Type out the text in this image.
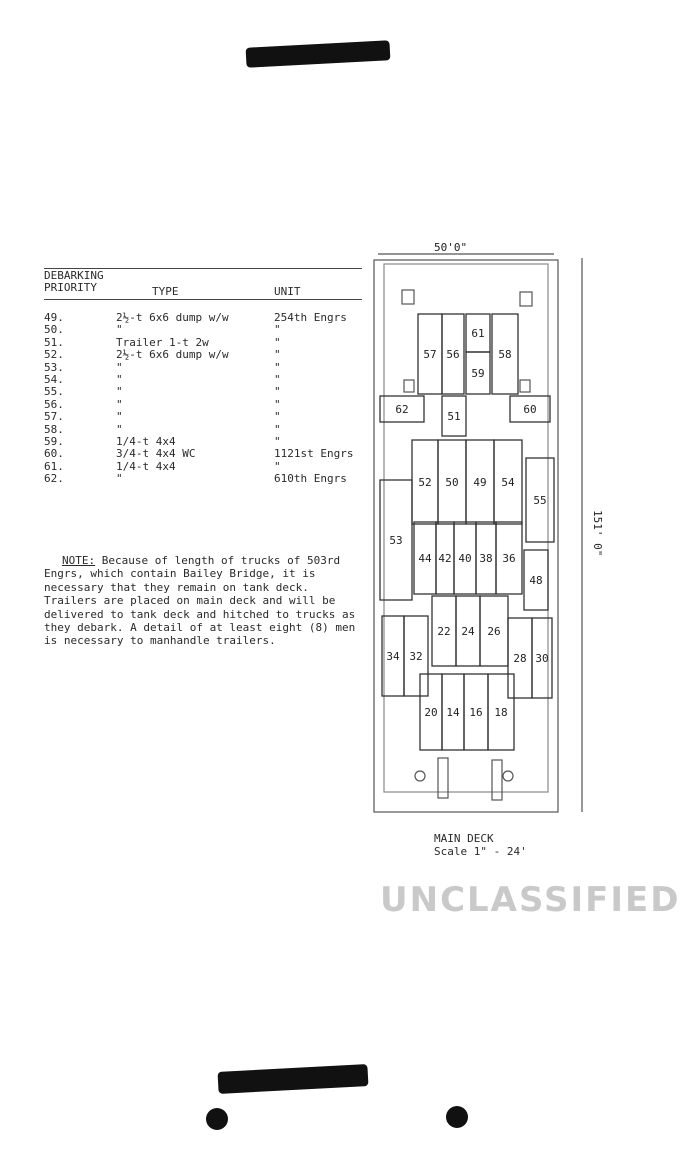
UNCLASSIFIED
DEBARKING
PRIORITY	TYPE	UNIT
49.	2½-t 6x6 dump w/w	254th Engrs
50.	"	"
51.	Trailer 1-t 2w	"
52.	2½-t 6x6 dump w/w	"
53.	"	"
54.	"	"
55.	"	"
56.	"	"
57.	"	"
58.	"	"
59.	1/4-t 4x4	"
60.	3/4-t 4x4 WC	1121st Engrs
61.	1/4-t 4x4	"
62.	"	610th Engrs

NOTE: Because of length of trucks of 503rd Engrs, which contain Bailey Bridge, it is necessary that they remain on tank deck. Trailers are placed on main deck and will be delivered to tank deck and hitched to trucks as they debark. A detail of at least eight (8) men is necessary to manhandle trailers.

57 56
61
59
58
62
51
60
52 50 49 54
55
53
44 42 40 38 36
48
22 24 26
34 32	28 30
20 14 16 18
50'0"
151' 0"
MAIN DECK
Scale 1" - 24'
